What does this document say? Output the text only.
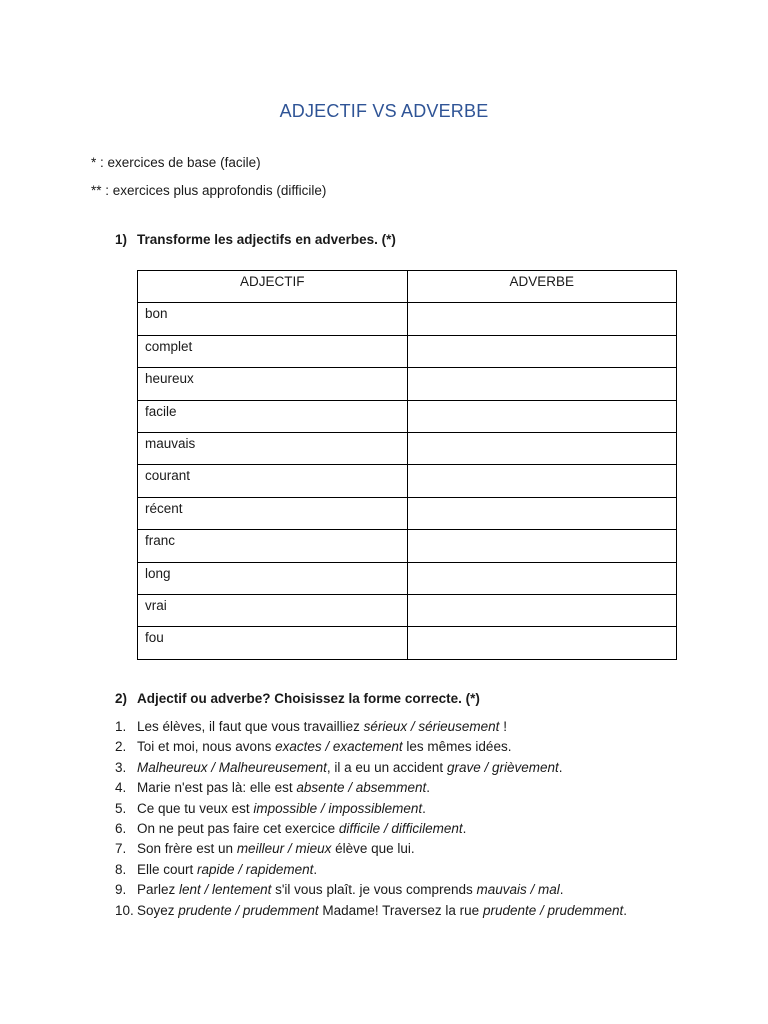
ADJECTIF VS ADVERBE
* : exercices de base (facile)
** : exercices plus approfondis (difficile)
1) Transforme les adjectifs en adverbes. (*)
ADJECTIF	ADVERBE
bon	
complet	
heureux	
facile	
mauvais	
courant	
récent	
franc	
long	
vrai	
fou	
2) Adjectif ou adverbe? Choisissez la forme correcte. (*)
1. Les élèves, il faut que vous travailliez sérieux / sérieusement !
2. Toi et moi, nous avons exactes / exactement les mêmes idées.
3. Malheureux / Malheureusement, il a eu un accident grave / grièvement.
4. Marie n'est pas là: elle est absente / absemment.
5. Ce que tu veux est impossible / impossiblement.
6. On ne peut pas faire cet exercice difficile / difficilement.
7. Son frère est un meilleur / mieux élève que lui.
8. Elle court rapide / rapidement.
9. Parlez lent / lentement s'il vous plaît. je vous comprends mauvais / mal.
10. Soyez prudente / prudemment Madame! Traversez la rue prudente / prudemment.
